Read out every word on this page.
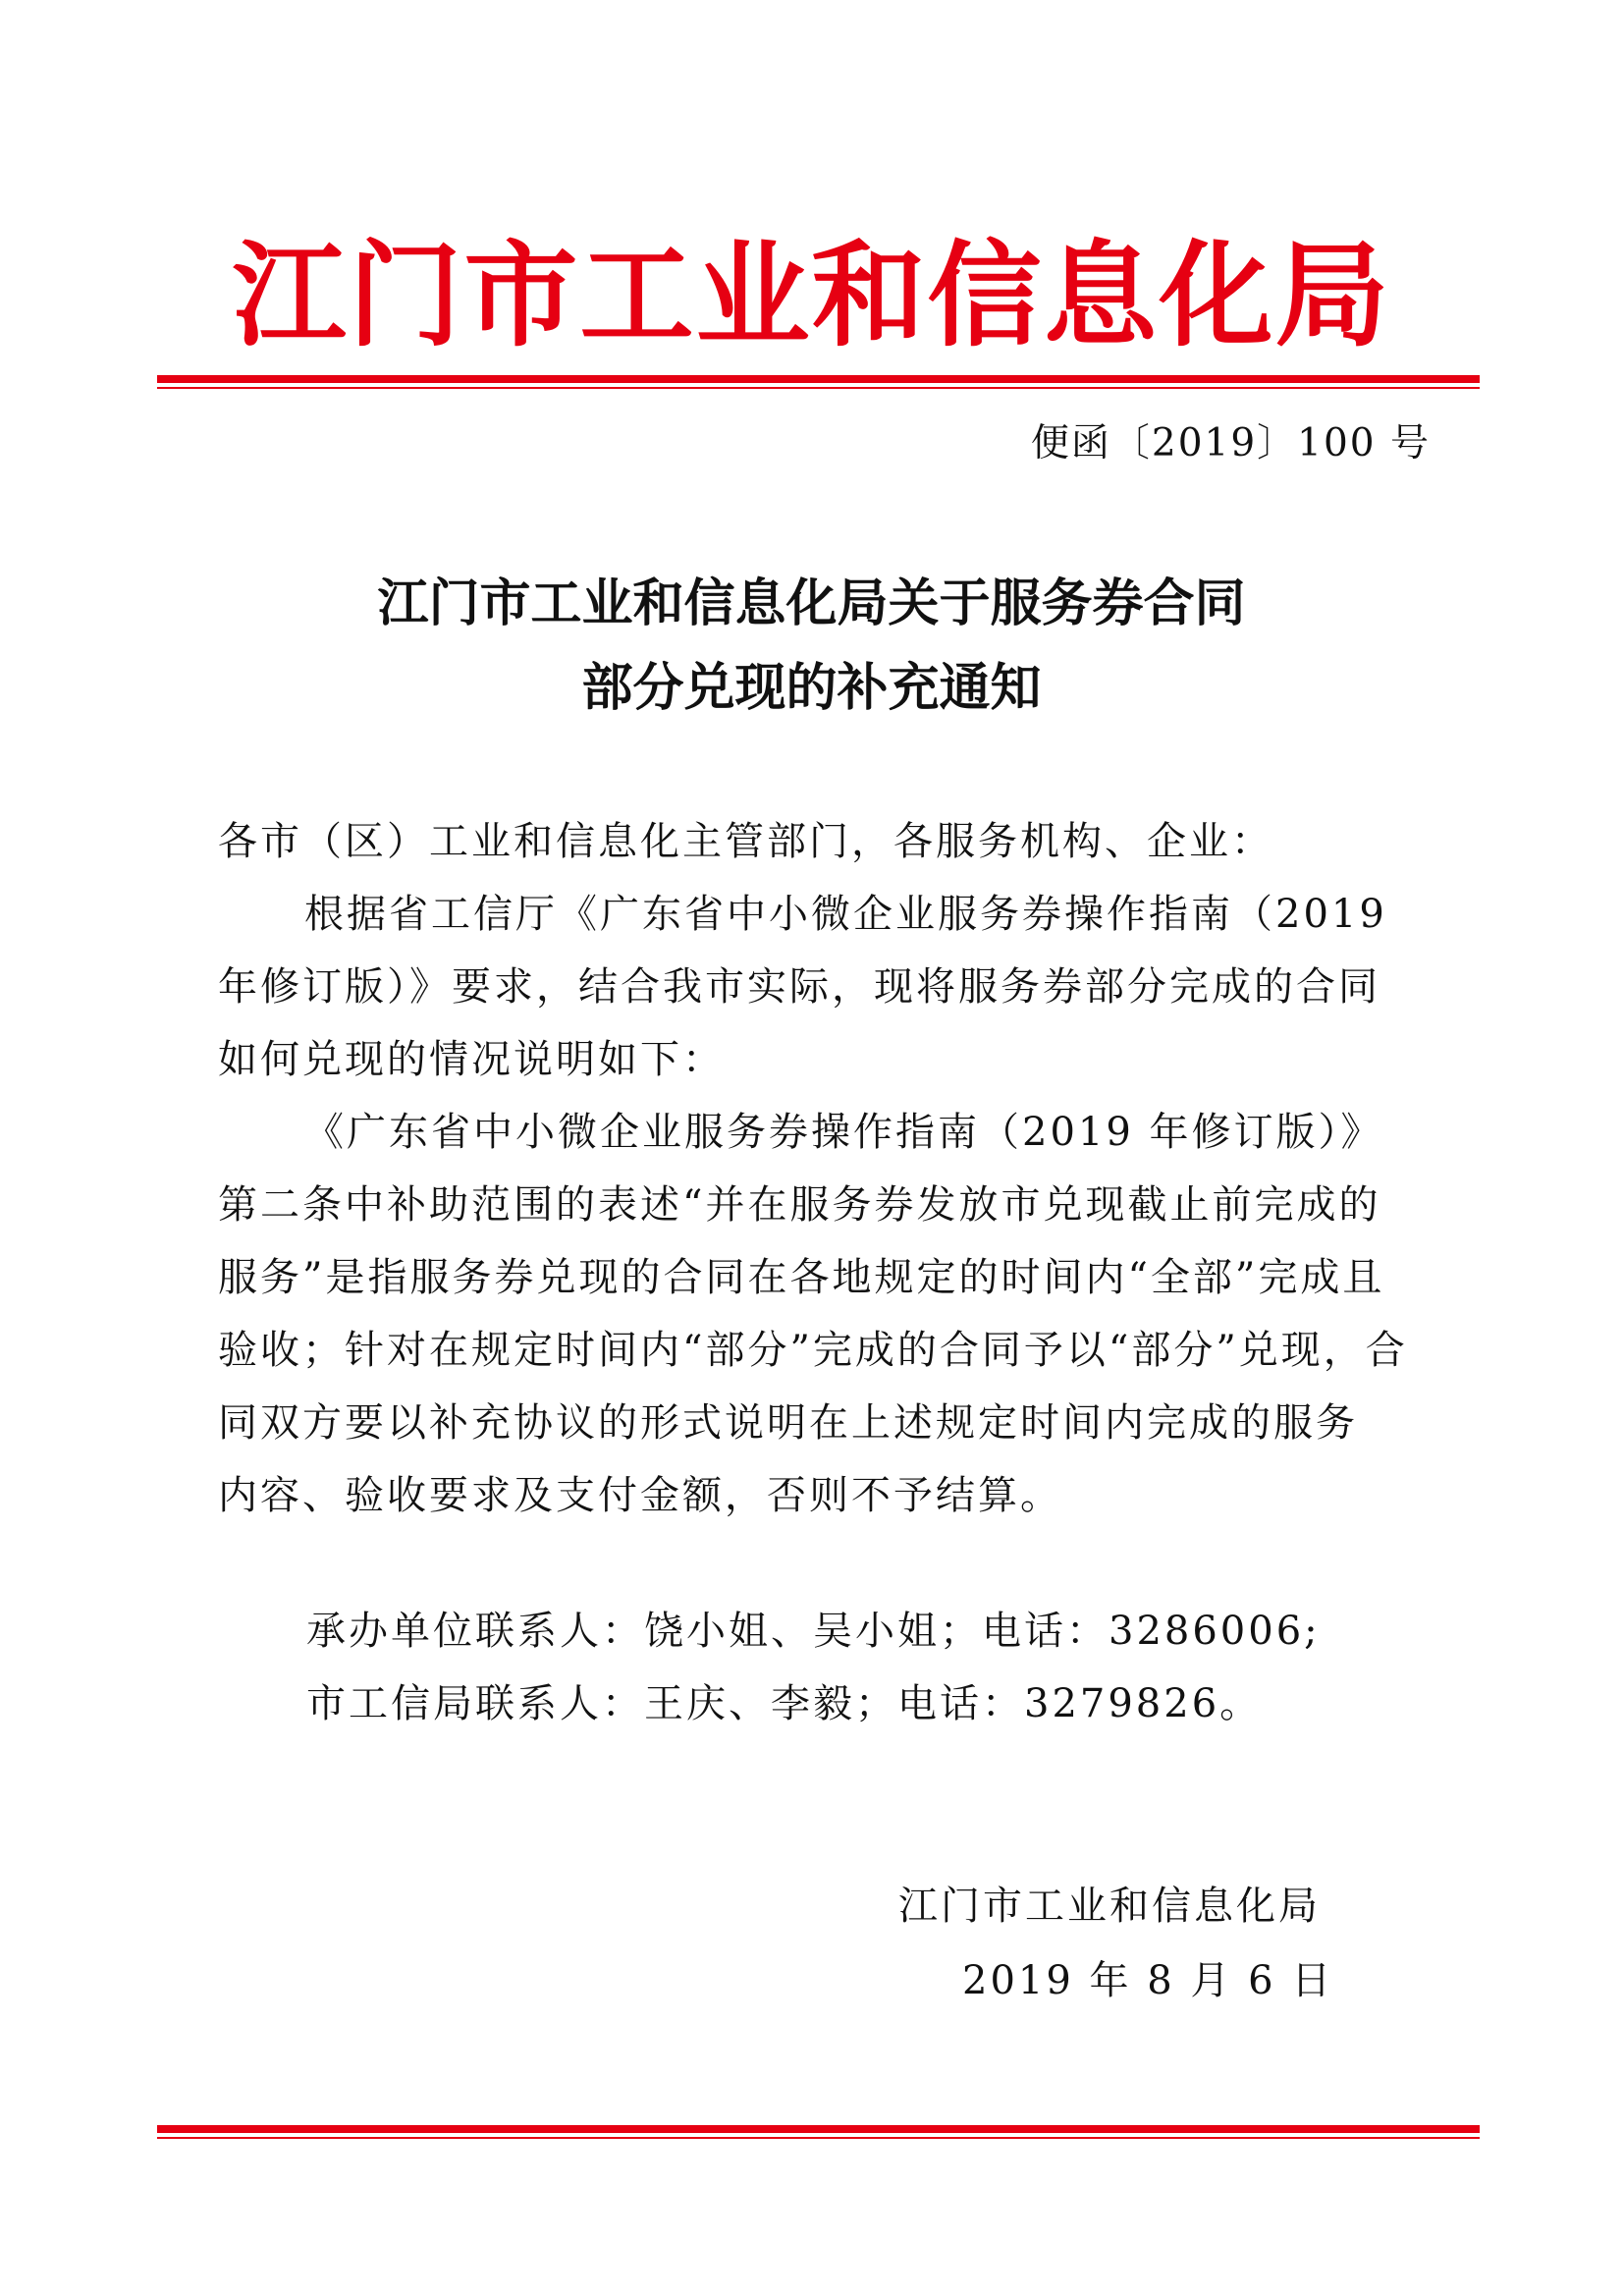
江门市工业和信息化局
便函〔2019〕100 号
江门市工业和信息化局关于服务券合同
部分兑现的补充通知
各市（区）工业和信息化主管部门，各服务机构、企业：
根据省工信厅《广东省中小微企业服务券操作指南（2019
年修订版）》要求，结合我市实际，现将服务券部分完成的合同
如何兑现的情况说明如下：
《广东省中小微企业服务券操作指南（2019 年修订版）》
第二条中补助范围的表述“并在服务券发放市兑现截止前完成的
服务”是指服务券兑现的合同在各地规定的时间内“全部”完成且
验收；针对在规定时间内“部分”完成的合同予以“部分”兑现，合
同双方要以补充协议的形式说明在上述规定时间内完成的服务
内容、验收要求及支付金额，否则不予结算。
承办单位联系人：饶小姐、吴小姐；电话：3286006;
市工信局联系人：王庆、李毅；电话：3279826。
江门市工业和信息化局
2019 年 8 月 6 日
